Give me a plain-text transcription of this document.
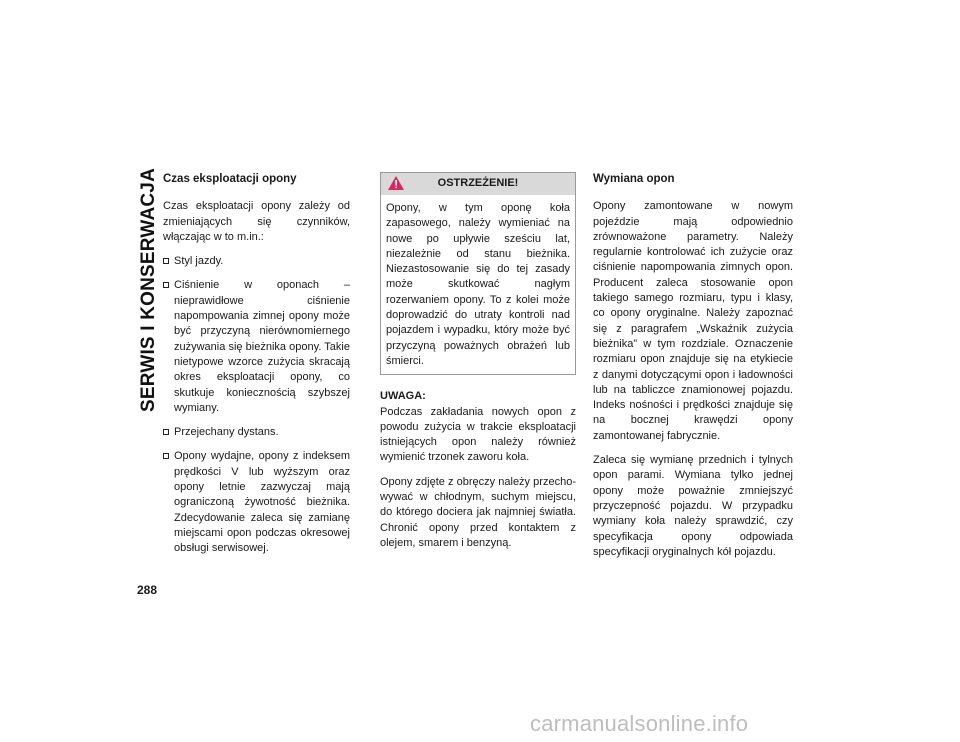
SERWIS I KONSERWACJA
288
Czas eksploatacji opony

Czas eksploatacji opony zależy od zmieniających się czynników, włączając w to m.in.:

Styl jazdy.
Ciśnienie w oponach – nieprawidłowe ciśnienie napompowania zimnej opony może być przyczyną nierównomiernego zużywania się bieżnika opony. Takie nietypowe wzorce zużycia skracają okres eksploatacji opony, co skutkuje koniecznością szybszej wymiany.
Przejechany dystans.
Opony wydajne, opony z indeksem prędkości V lub wyższym oraz opony letnie zazwyczaj mają ograniczoną żywotność bieżnika. Zdecydowanie zaleca się zamianę miejscami opon podczas okresowej obsługi serwisowej.
OSTRZEŻENIE!

Opony, w tym oponę koła zapasowego, należy wymieniać na nowe po upływie sześciu lat, niezależnie od stanu bieżnika. Niezastosowanie się do tej zasady może skutkować nagłym rozerwaniem opony. To z kolei może doprowadzić do utraty kontroli nad pojazdem i wypadku, który może być przyczyną poważnych obrażeń lub śmierci.

UWAGA:

Podczas zakładania nowych opon z powodu zużycia w trakcie eksploatacji istniejących opon należy również wymienić trzonek zaworu koła.

Opony zdjęte z obręczy należy przechowywać w chłodnym, suchym miejscu, do którego dociera jak najmniej światła. Chronić opony przed kontaktem z olejem, smarem i benzyną.

Wymiana opon

Opony zamontowane w nowym pojeździe mają odpowiednio zrównoważone parametry. Należy regularnie kontrolować ich zużycie oraz ciśnienie napompowania zimnych opon. Producent zaleca stosowanie opon takiego samego rozmiaru, typu i klasy, co opony oryginalne. Należy zapoznać się z paragrafem „Wskaźnik zużycia bieżnika” w tym rozdziale. Oznaczenie rozmiaru opon znajduje się na etykiecie z danymi dotyczącymi opon i ładowności lub na tabliczce znamionowej pojazdu. Indeks nośności i prędkości znajduje się na bocznej krawędzi opony zamontowanej fabrycznie.

Zaleca się wymianę przednich i tylnych opon parami. Wymiana tylko jednej opony może poważnie zmniejszyć przyczepność pojazdu. W przypadku wymiany koła należy sprawdzić, czy specyfikacja opony odpowiada specyfikacji oryginalnych kół pojazdu.

carmanualsonline.info
